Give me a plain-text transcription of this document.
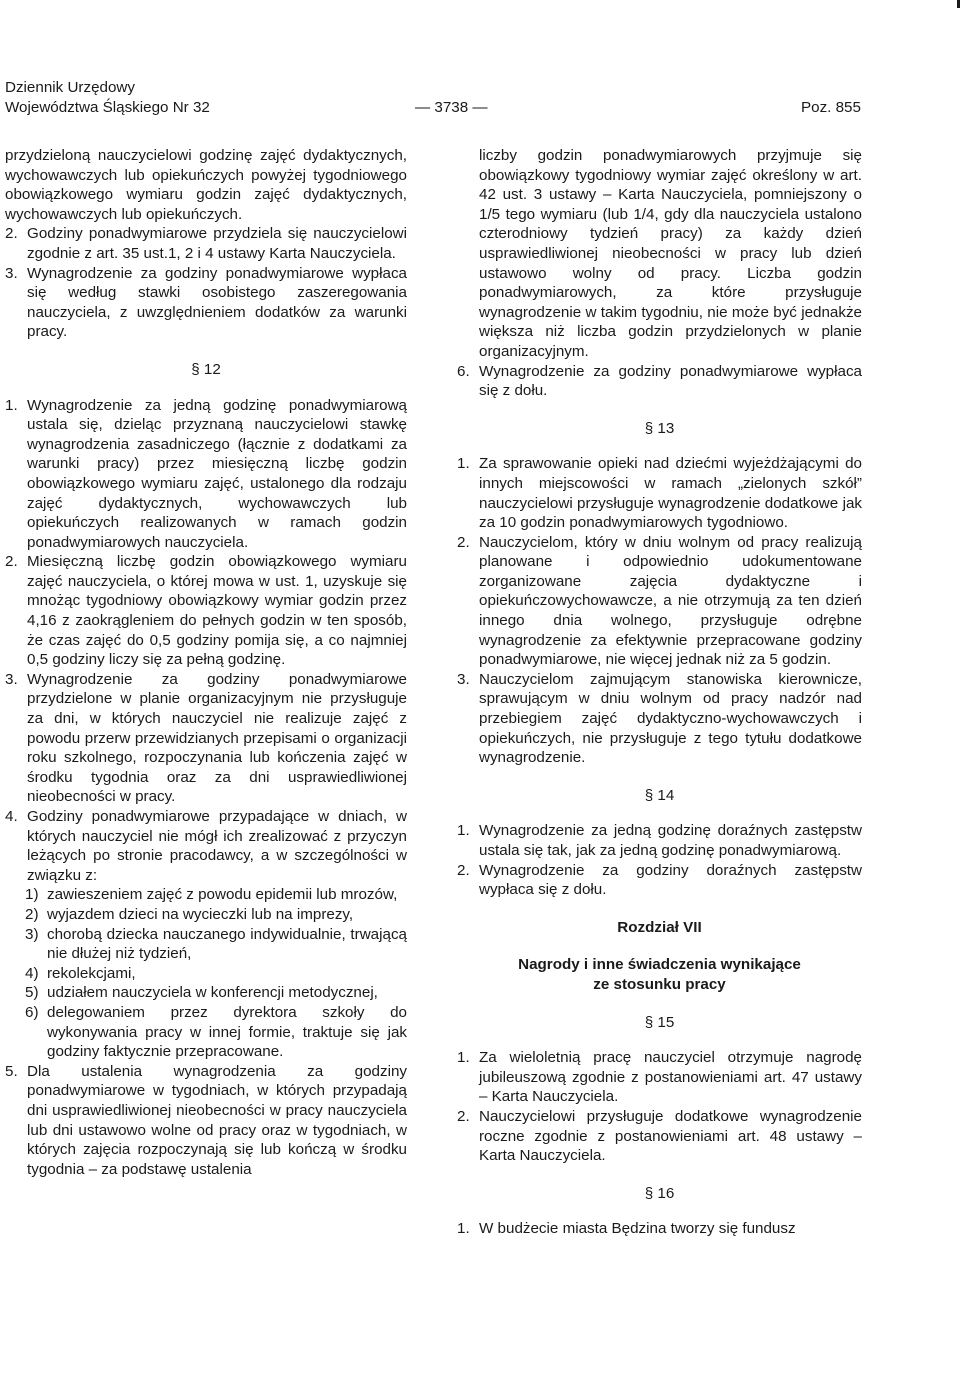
Dziennik Urzędowy
Województwa Śląskiego Nr 32	— 3738 —	Poz. 855

przydzieloną nauczycielowi godzinę zajęć dydaktycznych, wychowawczych lub opiekuńczych powyżej tygodniowego obowiązkowego wymiaru godzin zajęć dydaktycznych, wychowawczych lub opiekuńczych.

2. Godziny ponadwymiarowe przydziela się nauczycielowi zgodnie z art. 35 ust.1, 2 i 4 ustawy Karta Nauczyciela.
3. Wynagrodzenie za godziny ponadwymiarowe wypłaca się według stawki osobistego zaszeregowania nauczyciela, z uwzględnieniem dodatków za warunki pracy.
§ 12
1. Wynagrodzenie za jedną godzinę ponadwymiarową ustala się, dzieląc przyznaną nauczycielowi stawkę wynagrodzenia zasadniczego (łącznie z dodatkami za warunki pracy) przez miesięczną liczbę godzin obowiązkowego wymiaru zajęć, ustalonego dla rodzaju zajęć dydaktycznych, wychowawczych lub opiekuńczych realizowanych w ramach godzin ponadwymiarowych nauczyciela.
2. Miesięczną liczbę godzin obowiązkowego wymiaru zajęć nauczyciela, o której mowa w ust. 1, uzyskuje się mnożąc tygodniowy obowiązkowy wymiar godzin przez 4,16 z zaokrągleniem do pełnych godzin w ten sposób, że czas zajęć do 0,5 godziny pomija się, a co najmniej 0,5 godziny liczy się za pełną godzinę.
3. Wynagrodzenie za godziny ponadwymiarowe przydzielone w planie organizacyjnym nie przysługuje za dni, w których nauczyciel nie realizuje zajęć z powodu przerw przewidzianych przepisami o organizacji roku szkolnego, rozpoczynania lub kończenia zajęć w środku tygodnia oraz za dni usprawiedliwionej nieobecności w pracy.
4. Godziny ponadwymiarowe przypadające w dniach, w których nauczyciel nie mógł ich zrealizować z przyczyn leżących po stronie pracodawcy, a w szczególności w związku z:
1) zawieszeniem zajęć z powodu epidemii lub mrozów,
2) wyjazdem dzieci na wycieczki lub na imprezy,
3) chorobą dziecka nauczanego indywidualnie, trwającą nie dłużej niż tydzień,
4) rekolekcjami,
5) udziałem nauczyciela w konferencji metodycznej,
6) delegowaniem przez dyrektora szkoły do wykonywania pracy w innej formie, traktuje się jak godziny faktycznie przepracowane.
5. Dla ustalenia wynagrodzenia za godziny ponadwymiarowe w tygodniach, w których przypadają dni usprawiedliwionej nieobecności w pracy nauczyciela lub dni ustawowo wolne od pracy oraz w tygodniach, w których zajęcia rozpoczynają się lub kończą w środku tygodnia – za podstawę ustalenia

liczby godzin ponadwymiarowych przyjmuje się obowiązkowy tygodniowy wymiar zajęć określony w art. 42 ust. 3 ustawy – Karta Nauczyciela, pomniejszony o 1/5 tego wymiaru (lub 1/4, gdy dla nauczyciela ustalono czterodniowy tydzień pracy) za każdy dzień usprawiedliwionej nieobecności w pracy lub dzień ustawowo wolny od pracy. Liczba godzin ponadwymiarowych, za które przysługuje wynagrodzenie w takim tygodniu, nie może być jednakże większa niż liczba godzin przydzielonych w planie organizacyjnym.

6. Wynagrodzenie za godziny ponadwymiarowe wypłaca się z dołu.
§ 13
1. Za sprawowanie opieki nad dziećmi wyjeżdżającymi do innych miejscowości w ramach „zielonych szkół” nauczycielowi przysługuje wynagrodzenie dodatkowe jak za 10 godzin ponadwymiarowych tygodniowo.
2. Nauczycielom, który w dniu wolnym od pracy realizują planowane i odpowiednio udokumentowane zorganizowane zajęcia dydaktyczne i opiekuńczowychowawcze, a nie otrzymują za ten dzień innego dnia wolnego, przysługuje odrębne wynagrodzenie za efektywnie przepracowane godziny ponadwymiarowe, nie więcej jednak niż za 5 godzin.
3. Nauczycielom zajmującym stanowiska kierownicze, sprawującym w dniu wolnym od pracy nadzór nad przebiegiem zajęć dydaktyczno-wychowawczych i opiekuńczych, nie przysługuje z tego tytułu dodatkowe wynagrodzenie.
§ 14
1. Wynagrodzenie za jedną godzinę doraźnych zastępstw ustala się tak, jak za jedną godzinę ponadwymiarową.
2. Wynagrodzenie za godziny doraźnych zastępstw wypłaca się z dołu.
Rozdział VII
Nagrody i inne świadczenia wynikające
ze stosunku pracy
§ 15
1. Za wieloletnią pracę nauczyciel otrzymuje nagrodę jubileuszową zgodnie z postanowieniami art. 47 ustawy – Karta Nauczyciela.
2. Nauczycielowi przysługuje dodatkowe wynagrodzenie roczne zgodnie z postanowieniami art. 48 ustawy – Karta Nauczyciela.
§ 16
1. W budżecie miasta Będzina tworzy się fundusz
